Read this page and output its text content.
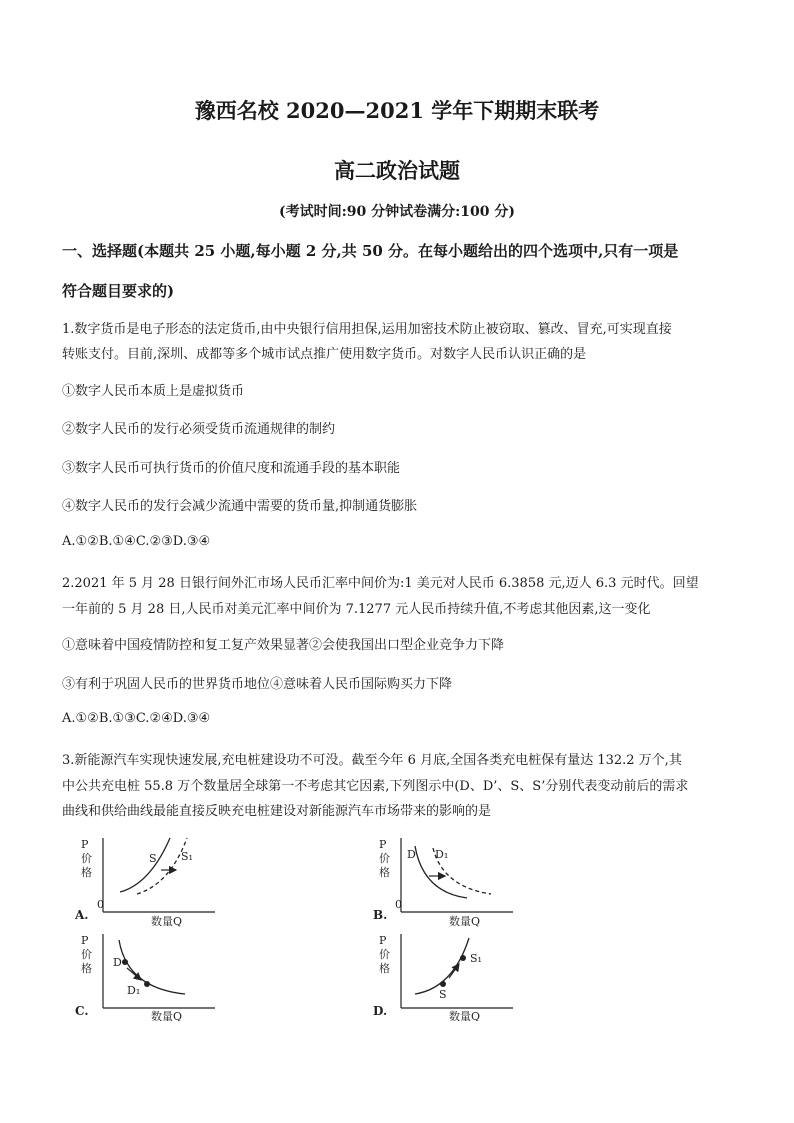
豫西名校 2020—2021 学年下期期末联考
高二政治试题
(考试时间:90 分钟试卷满分:100 分)
一、选择题(本题共 25 小题,每小题 2 分,共 50 分。在每小题给出的四个选项中,只有一项是
符合题目要求的)
1.数字货币是电子形态的法定货币,由中央银行信用担保,运用加密技术防止被窃取、篡改、冒充,可实现直接
转账支付。目前,深圳、成都等多个城市试点推广使用数字货币。对数字人民币认识正确的是
①数字人民币本质上是虚拟货币
②数字人民币的发行必须受货币流通规律的制约
③数字人民币可执行货币的价值尺度和流通手段的基本职能
④数字人民币的发行会减少流通中需要的货币量,抑制通货膨胀
A.①②B.①④C.②③D.③④
2.2021 年 5 月 28 日银行间外汇市场人民币汇率中间价为:1 美元对人民币 6.3858 元,迈人 6.3 元时代。回望
一年前的 5 月 28 日,人民币对美元汇率中间价为 7.1277 元人民币持续升值,不考虑其他因素,这一变化
①意味着中国疫情防控和复工复产效果显著②会使我国出口型企业竞争力下降
③有利于巩固人民币的世界货币地位④意味着人民币国际购买力下降
A.①②B.①③C.②④D.③④
3.新能源汽车实现快速发展,充电桩建设功不可没。截至今年 6 月底,全国各类充电桩保有量达 132.2 万个,其
中公共充电桩 55.8 万个数量居全球第一不考虑其它因素,下列图示中(D、D’、S、S’分别代表变动前后的需求
曲线和供给曲线最能直接反映充电桩建设对新能源汽车市场带来的影响的是
P
价
格
0
S S₁
数量Q
A.
P
价
格
0
D D₁
数量Q
B.
P
价
格 D
D₁
数量Q
C.
P
价
格
S
S₁
数量Q
D.
